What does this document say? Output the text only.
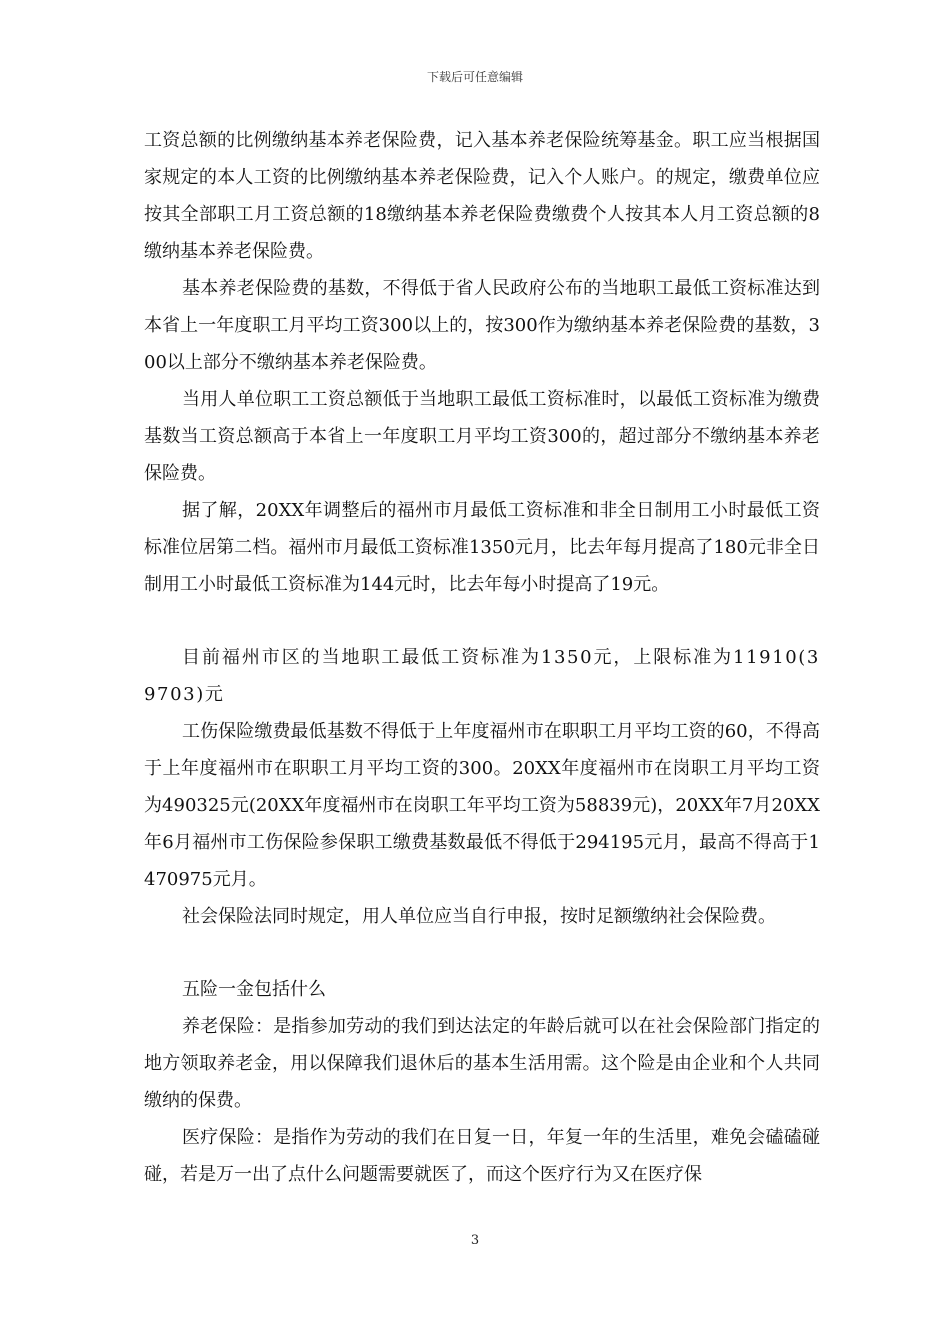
下载后可任意编辑

工资总额的比例缴纳基本养老保险费，记入基本养老保险统筹基金。职工应当根据国家规定的本人工资的比例缴纳基本养老保险费，记入个人账户。的规定，缴费单位应按其全部职工月工资总额的18缴纳基本养老保险费缴费个人按其本人月工资总额的8缴纳基本养老保险费。

基本养老保险费的基数，不得低于省人民政府公布的当地职工最低工资标准达到本省上一年度职工月平均工资300以上的，按300作为缴纳基本养老保险费的基数，300以上部分不缴纳基本养老保险费。

当用人单位职工工资总额低于当地职工最低工资标准时，以最低工资标准为缴费基数当工资总额高于本省上一年度职工月平均工资300的，超过部分不缴纳基本养老保险费。

据了解，20XX年调整后的福州市月最低工资标准和非全日制用工小时最低工资标准位居第二档。福州市月最低工资标准1350元月，比去年每月提高了180元非全日制用工小时最低工资标准为144元时，比去年每小时提高了19元。

目前福州市区的当地职工最低工资标准为1350元，上限标准为11910(39703)元

工伤保险缴费最低基数不得低于上年度福州市在职职工月平均工资的60，不得高于上年度福州市在职职工月平均工资的300。20XX年度福州市在岗职工月平均工资为490325元(20XX年度福州市在岗职工年平均工资为58839元)，20XX年7月20XX年6月福州市工伤保险参保职工缴费基数最低不得低于294195元月，最高不得高于1470975元月。

社会保险法同时规定，用人单位应当自行申报，按时足额缴纳社会保险费。

五险一金包括什么

养老保险：是指参加劳动的我们到达法定的年龄后就可以在社会保险部门指定的地方领取养老金，用以保障我们退休后的基本生活用需。这个险是由企业和个人共同缴纳的保费。

医疗保险：是指作为劳动的我们在日复一日，年复一年的生活里，难免会磕磕碰碰，若是万一出了点什么问题需要就医了，而这个医疗行为又在医疗保

3
